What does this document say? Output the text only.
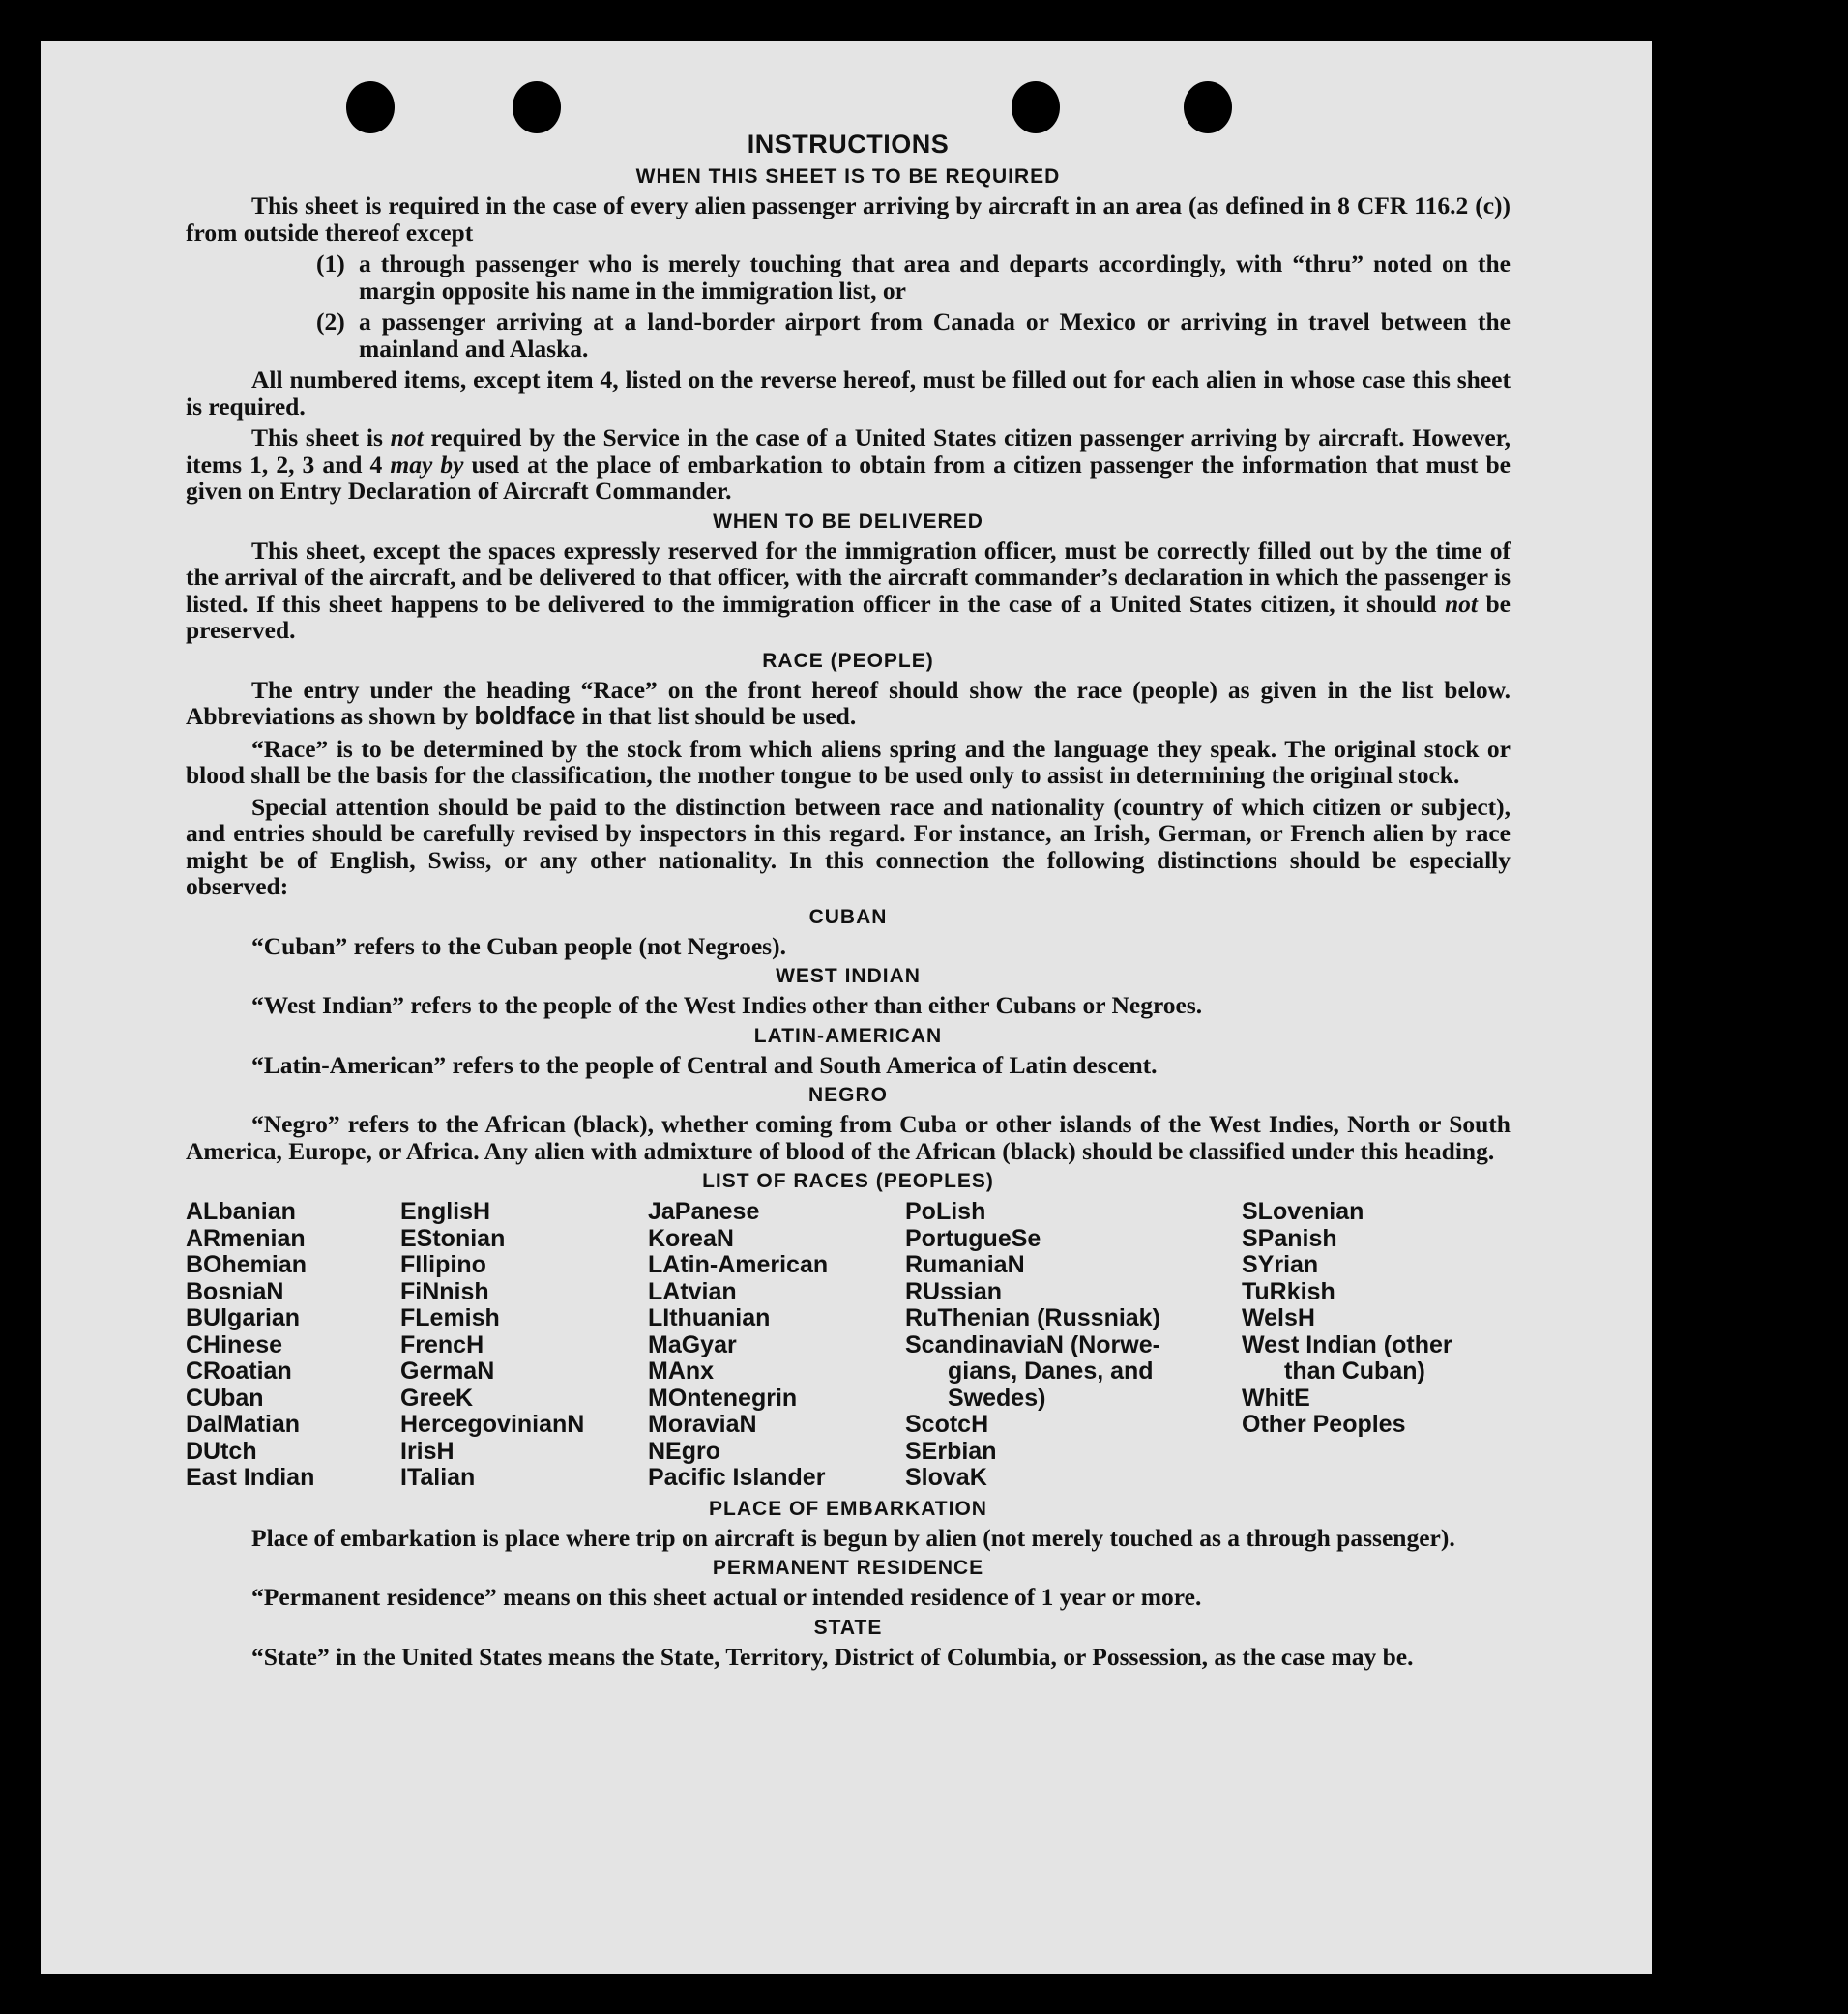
INSTRUCTIONS
WHEN THIS SHEET IS TO BE REQUIRED

This sheet is required in the case of every alien passenger arriving by aircraft in an area (as defined in 8 CFR 116.2 (c)) from outside thereof except

(1) a through passenger who is merely touching that area and departs accordingly, with “thru” noted on the margin opposite his name in the immigration list, or
(2) a passenger arriving at a land-border airport from Canada or Mexico or arriving in travel between the mainland and Alaska.

All numbered items, except item 4, listed on the reverse hereof, must be filled out for each alien in whose case this sheet is required.

This sheet is not required by the Service in the case of a United States citizen passenger arriving by aircraft. However, items 1, 2, 3 and 4 may by used at the place of embarkation to obtain from a citizen passenger the information that must be given on Entry Declaration of Aircraft Commander.

WHEN TO BE DELIVERED

This sheet, except the spaces expressly reserved for the immigration officer, must be correctly filled out by the time of the arrival of the aircraft, and be delivered to that officer, with the aircraft commander’s declaration in which the passenger is listed. If this sheet happens to be delivered to the immigration officer in the case of a United States citizen, it should not be preserved.

RACE (PEOPLE)

The entry under the heading “Race” on the front hereof should show the race (people) as given in the list below. Abbreviations as shown by boldface in that list should be used.

“Race” is to be determined by the stock from which aliens spring and the language they speak. The original stock or blood shall be the basis for the classification, the mother tongue to be used only to assist in determining the original stock.

Special attention should be paid to the distinction between race and nationality (country of which citizen or subject), and entries should be carefully revised by inspectors in this regard. For instance, an Irish, German, or French alien by race might be of English, Swiss, or any other nationality. In this connection the following distinctions should be especially observed:

CUBAN

“Cuban” refers to the Cuban people (not Negroes).

WEST INDIAN

“West Indian” refers to the people of the West Indies other than either Cubans or Negroes.

LATIN-AMERICAN

“Latin-American” refers to the people of Central and South America of Latin descent.

NEGRO

“Negro” refers to the African (black), whether coming from Cuba or other islands of the West Indies, North or South America, Europe, or Africa. Any alien with admixture of blood of the African (black) should be classified under this heading.

LIST OF RACES (PEOPLES)
ALbanian
ARmenian
BOhemian
BosniaN
BUlgarian
CHinese
CRoatian
CUban
DalMatian
DUtch
East Indian
EnglisH
EStonian
FIlipino
FiNnish
FLemish
FrencH
GermaN
GreeK
HercegovinianN
IrisH
ITalian
JaPanese
KoreaN
LAtin-American
LAtvian
LIthuanian
MaGyar
MAnx
MOntenegrin
MoraviaN
NEgro
Pacific Islander
PoLish
PortugueSe
RumaniaN
RUssian
RuThenian (Russniak)
ScandinaviaN (Norwe-
gians, Danes, and
Swedes)
ScotcH
SErbian
SlovaK
SLovenian
SPanish
SYrian
TuRkish
WelsH
West Indian (other
than Cuban)
WhitE
Other Peoples
PLACE OF EMBARKATION

Place of embarkation is place where trip on aircraft is begun by alien (not merely touched as a through passenger).

PERMANENT RESIDENCE

“Permanent residence” means on this sheet actual or intended residence of 1 year or more.

STATE

“State” in the United States means the State, Territory, District of Columbia, or Possession, as the case may be.
